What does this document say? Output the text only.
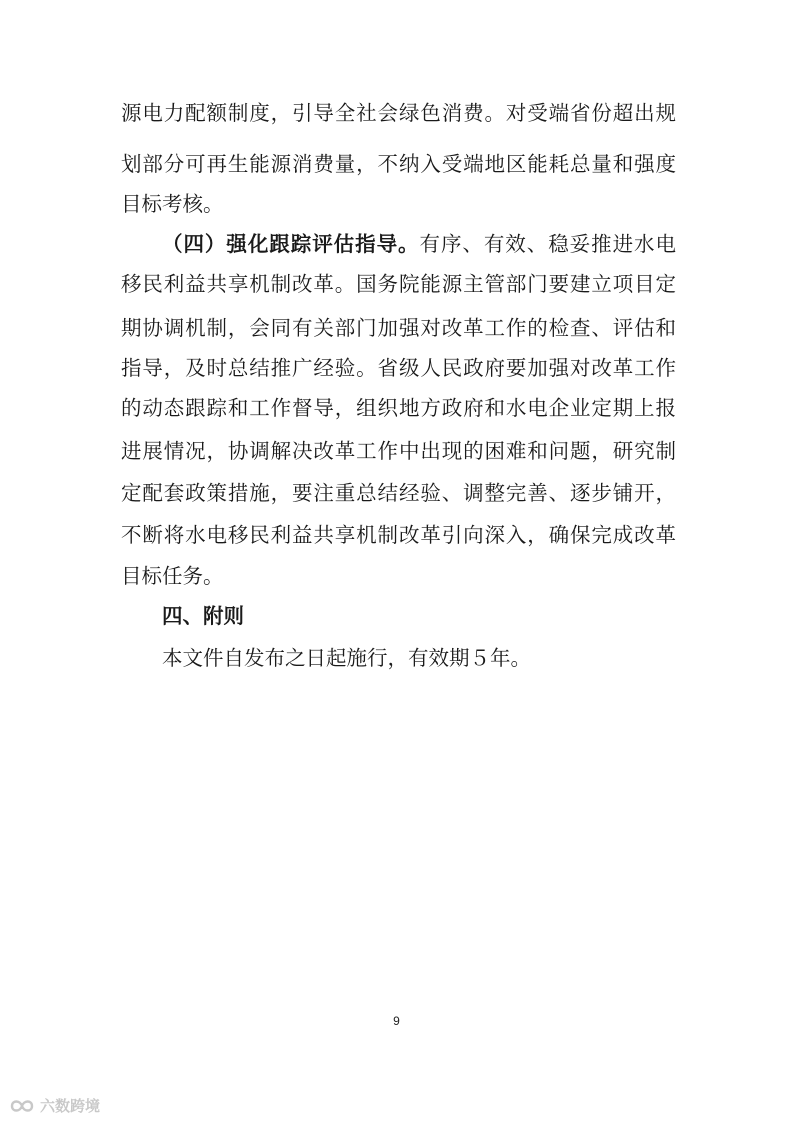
源电力配额制度，引导全社会绿色消费。对受端省份超出规
划部分可再生能源消费量，不纳入受端地区能耗总量和强度
目标考核。
（四）强化跟踪评估指导。有序、有效、稳妥推进水电
移民利益共享机制改革。国务院能源主管部门要建立项目定
期协调机制，会同有关部门加强对改革工作的检查、评估和
指导，及时总结推广经验。省级人民政府要加强对改革工作
的动态跟踪和工作督导，组织地方政府和水电企业定期上报
进展情况，协调解决改革工作中出现的困难和问题，研究制
定配套政策措施，要注重总结经验、调整完善、逐步铺开，
不断将水电移民利益共享机制改革引向深入，确保完成改革
目标任务。
四、附则
本文件自发布之日起施行，有效期５年。
9
六数跨境
